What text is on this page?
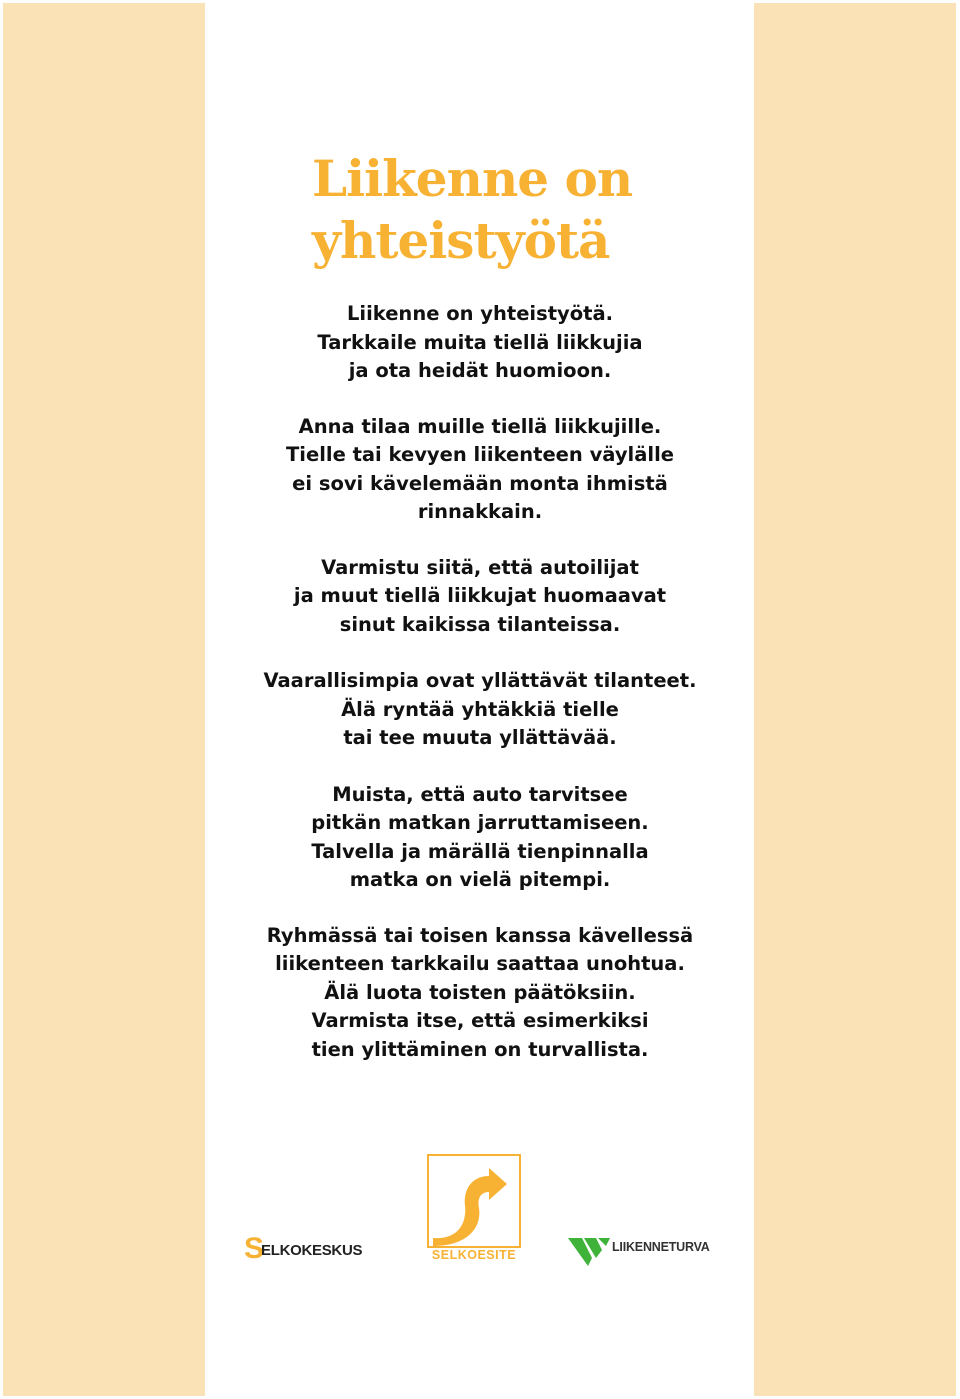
Liikenne on
yhteistyötä

Liikenne on yhteistyötä.
Tarkkaile muita tiellä liikkujia
ja ota heidät huomioon.

Anna tilaa muille tiellä liikkujille.
Tielle tai kevyen liikenteen väylälle
ei sovi kävelemään monta ihmistä
rinnakkain.

Varmistu siitä, että autoilijat
ja muut tiellä liikkujat huomaavat
sinut kaikissa tilanteissa.

Vaarallisimpia ovat yllättävät tilanteet.
Älä ryntää yhtäkkiä tielle
tai tee muuta yllättävää.

Muista, että auto tarvitsee
pitkän matkan jarruttamiseen.
Talvella ja märällä tienpinnalla
matka on vielä pitempi.

Ryhmässä tai toisen kanssa kävellessä
liikenteen tarkkailu saattaa unohtua.
Älä luota toisten päätöksiin.
Varmista itse, että esimerkiksi
tien ylittäminen on turvallista.

S
ELKOKESKUS	SELKOESITE
LIIKENNETURVA
